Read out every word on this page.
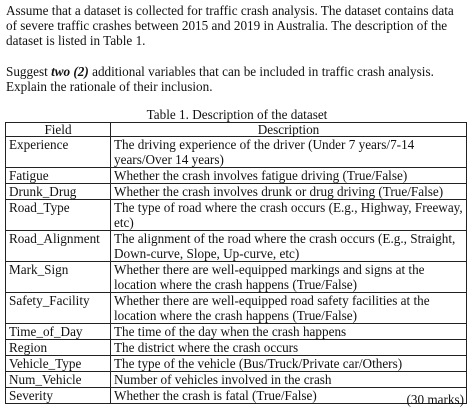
Assume that a dataset is collected for traffic crash analysis. The dataset contains data of severe traffic crashes between 2015 and 2019 in Australia. The description of the dataset is listed in Table 1.

Suggest two (2) additional variables that can be included in traffic crash analysis. Explain the rationale of their inclusion.

Table 1. Description of the dataset
Field	Description
Experience	The driving experience of the driver (Under 7 years/7-14 years/Over 14 years)
Fatigue	Whether the crash involves fatigue driving (True/False)
Drunk_Drug	Whether the crash involves drunk or drug driving (True/False)
Road_Type	The type of road where the crash occurs (E.g., Highway, Freeway, etc)
Road_Alignment	The alignment of the road where the crash occurs (E.g., Straight, Down-curve, Slope, Up-curve, etc)
Mark_Sign	Whether there are well-equipped markings and signs at the location where the crash happens (True/False)
Safety_Facility	Whether there are well-equipped road safety facilities at the location where the crash happens (True/False)
Time_of_Day	The time of the day when the crash happens
Region	The district where the crash occurs
Vehicle_Type	The type of the vehicle (Bus/Truck/Private car/Others)
Num_Vehicle	Number of vehicles involved in the crash
Severity	Whether the crash is fatal (True/False)	(30 marks)
